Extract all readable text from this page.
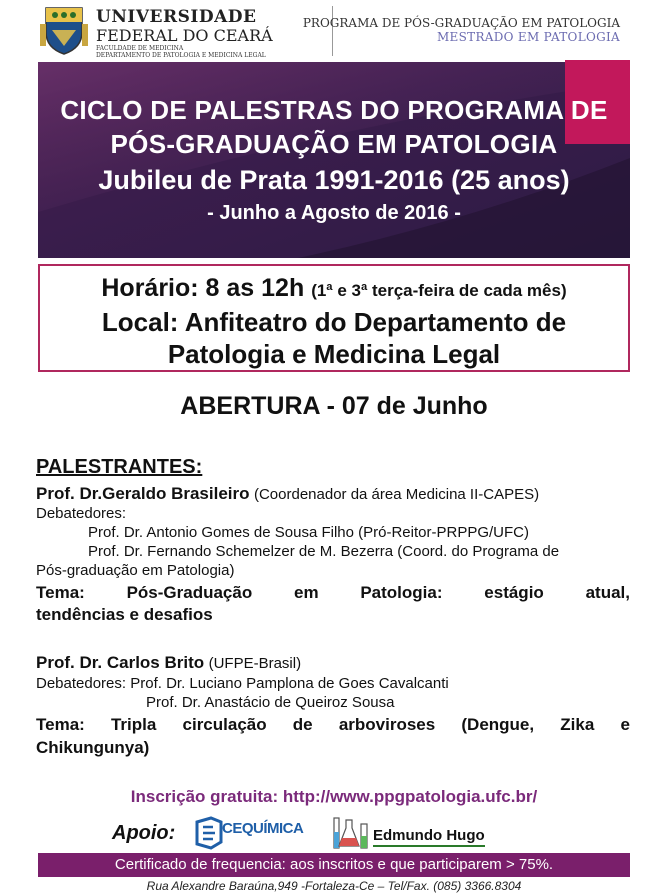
UNIVERSIDADE
FEDERAL DO CEARÁ
FACULDADE DE MEDICINA
DEPARTAMENTO DE PATOLOGIA E MEDICINA LEGAL
PROGRAMA DE PÓS-GRADUAÇÃO EM PATOLOGIA
MESTRADO EM PATOLOGIA
CICLO DE PALESTRAS DO PROGRAMA DE
PÓS-GRADUAÇÃO EM PATOLOGIA
Jubileu de Prata 1991-2016 (25 anos)
- Junho a Agosto de 2016 -
Horário: 8 as 12h (1ª e 3ª terça-feira de cada mês)
Local: Anfiteatro do Departamento de
Patologia e Medicina Legal
ABERTURA - 07 de Junho
PALESTRANTES:
Prof. Dr.Geraldo Brasileiro (Coordenador da área Medicina II-CAPES)
Debatedores:
Prof. Dr. Antonio Gomes de Sousa Filho (Pró-Reitor-PRPPG/UFC)
Prof. Dr. Fernando Schemelzer de M. Bezerra (Coord. do Programa de
Pós-graduação em Patologia)
Tema: Pós-Graduação em Patologia: estágio atual,
tendências e desafios
Prof. Dr. Carlos Brito (UFPE-Brasil)
Debatedores: Prof. Dr. Luciano Pamplona de Goes Cavalcanti
Prof. Dr. Anastácio de Queiroz Sousa
Tema: Tripla circulação de arboviroses (Dengue, Zika e
Chikungunya)
Inscrição gratuita: http://www.ppgpatologia.ufc.br/
Apoio:	CEQUÍMICA	Edmundo Hugo
Certificado de frequencia: aos inscritos e que participarem > 75%.
Rua Alexandre Baraúna,949 -Fortaleza-Ce – Tel/Fax. (085) 3366.8304
